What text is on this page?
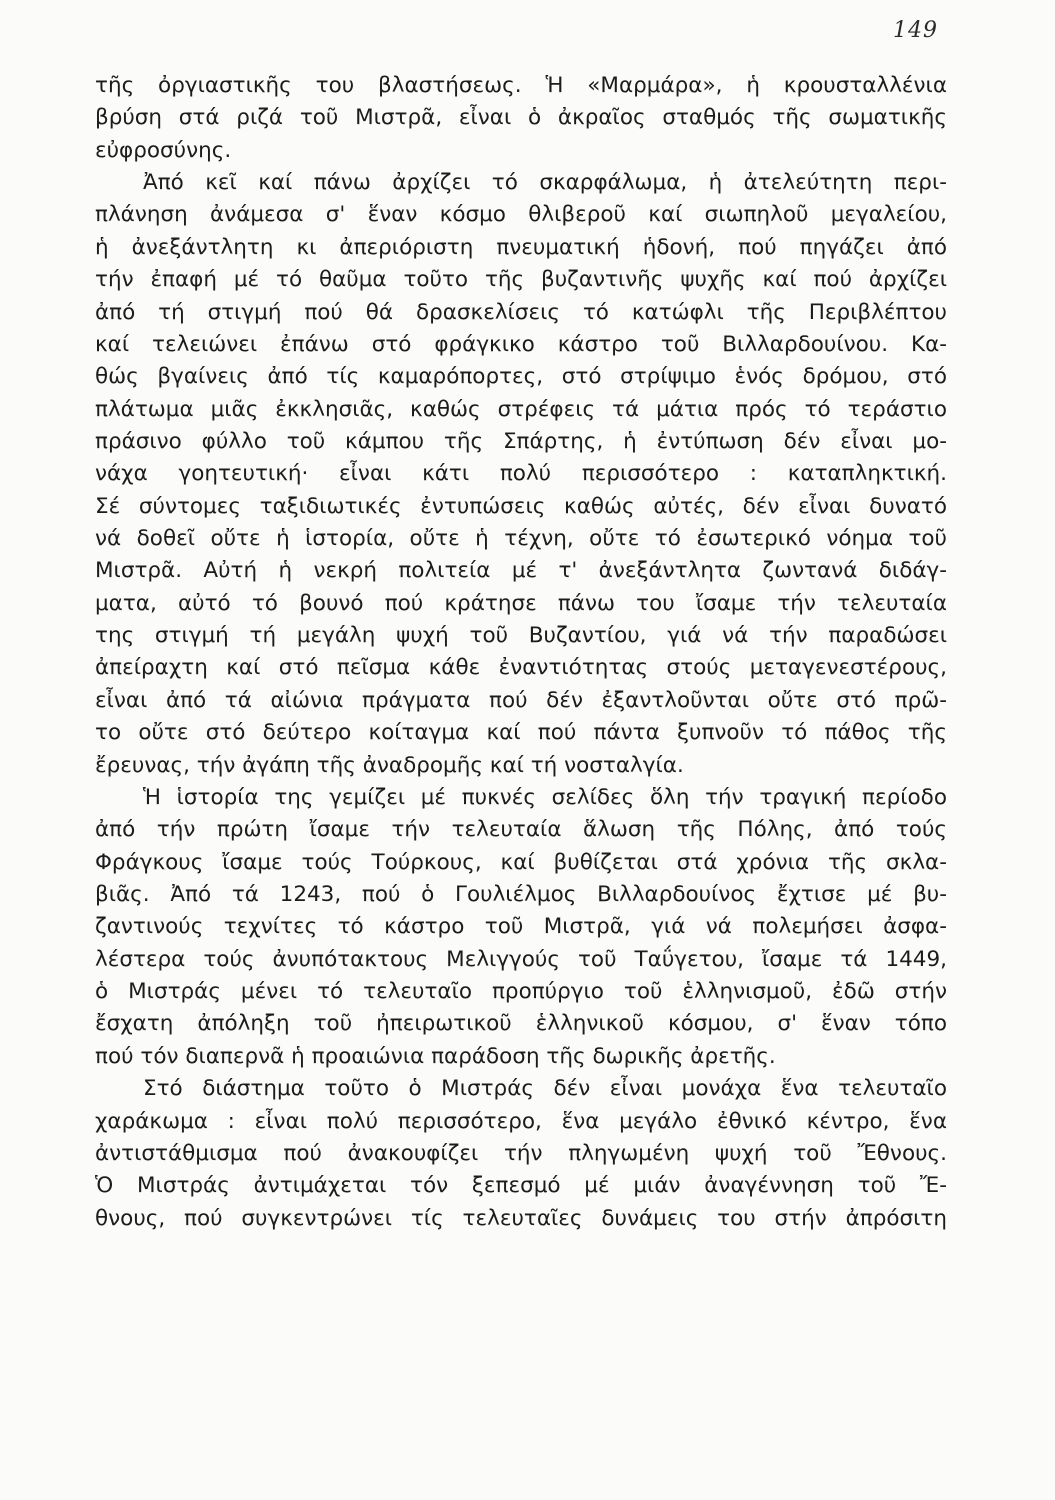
149
τῆς ὀργιαστικῆς του βλαστήσεως. Ἡ «Μαρμάρα», ἡ κρουσταλλένια
βρύση στά ριζά τοῦ Μιστρᾶ, εἶναι ὁ ἀκραῖος σταθμός τῆς σωματικῆς
εὐφροσύνης.
Ἀπό κεῖ καί πάνω ἀρχίζει τό σκαρφάλωμα, ἡ ἀτελεύτητη περι-
πλάνηση ἀνάμεσα σ' ἕναν κόσμο θλιβεροῦ καί σιωπηλοῦ μεγαλείου,
ἡ ἀνεξάντλητη κι ἀπεριόριστη πνευματική ἡδονή, πού πηγάζει ἀπό
τήν ἐπαφή μέ τό θαῦμα τοῦτο τῆς βυζαντινῆς ψυχῆς καί πού ἀρχίζει
ἀπό τή στιγμή πού θά δρασκελίσεις τό κατώφλι τῆς Περιβλέπτου
καί τελειώνει ἐπάνω στό φράγκικο κάστρο τοῦ Βιλλαρδουίνου. Κα-
θώς βγαίνεις ἀπό τίς καμαρόπορτες, στό στρίψιμο ἑνός δρόμου, στό
πλάτωμα μιᾶς ἐκκλησιᾶς, καθώς στρέφεις τά μάτια πρός τό τεράστιο
πράσινο φύλλο τοῦ κάμπου τῆς Σπάρτης, ἡ ἐντύπωση δέν εἶναι μο-
νάχα γοητευτική· εἶναι κάτι πολύ περισσότερο : καταπληκτική.
Σέ σύντομες ταξιδιωτικές ἐντυπώσεις καθώς αὐτές, δέν εἶναι δυνατό
νά δοθεῖ οὔτε ἡ ἱστορία, οὔτε ἡ τέχνη, οὔτε τό ἐσωτερικό νόημα τοῦ
Μιστρᾶ. Αὐτή ἡ νεκρή πολιτεία μέ τ' ἀνεξάντλητα ζωντανά διδάγ-
ματα, αὐτό τό βουνό πού κράτησε πάνω του ἴσαμε τήν τελευταία
της στιγμή τή μεγάλη ψυχή τοῦ Βυζαντίου, γιά νά τήν παραδώσει
ἀπείραχτη καί στό πεῖσμα κάθε ἐναντιότητας στούς μεταγενεστέρους,
εἶναι ἀπό τά αἰώνια πράγματα πού δέν ἐξαντλοῦνται οὔτε στό πρῶ-
το οὔτε στό δεύτερο κοίταγμα καί πού πάντα ξυπνοῦν τό πάθος τῆς
ἔρευνας, τήν ἀγάπη τῆς ἀναδρομῆς καί τή νοσταλγία.
Ἡ ἱστορία της γεμίζει μέ πυκνές σελίδες ὅλη τήν τραγική περίοδο
ἀπό τήν πρώτη ἴσαμε τήν τελευταία ἅλωση τῆς Πόλης, ἀπό τούς
Φράγκους ἴσαμε τούς Τούρκους, καί βυθίζεται στά χρόνια τῆς σκλα-
βιᾶς. Ἀπό τά 1243, πού ὁ Γουλιέλμος Βιλλαρδουίνος ἔχτισε μέ βυ-
ζαντινούς τεχνίτες τό κάστρο τοῦ Μιστρᾶ, γιά νά πολεμήσει ἀσφα-
λέστερα τούς ἀνυπότακτους Μελιγγούς τοῦ Ταΰγετου, ἴσαμε τά 1449,
ὁ Μιστράς μένει τό τελευταῖο προπύργιο τοῦ ἑλληνισμοῦ, ἐδῶ στήν
ἔσχατη ἀπόληξη τοῦ ἠπειρωτικοῦ ἑλληνικοῦ κόσμου, σ' ἕναν τόπο
πού τόν διαπερνᾶ ἡ προαιώνια παράδοση τῆς δωρικῆς ἀρετῆς.
Στό διάστημα τοῦτο ὁ Μιστράς δέν εἶναι μονάχα ἕνα τελευταῖο
χαράκωμα : εἶναι πολύ περισσότερο, ἕνα μεγάλο ἐθνικό κέντρο, ἕνα
ἀντιστάθμισμα πού ἀνακουφίζει τήν πληγωμένη ψυχή τοῦ Ἔθνους.
Ὁ Μιστράς ἀντιμάχεται τόν ξεπεσμό μέ μιάν ἀναγέννηση τοῦ Ἔ-
θνους, πού συγκεντρώνει τίς τελευταῖες δυνάμεις του στήν ἀπρόσιτη
